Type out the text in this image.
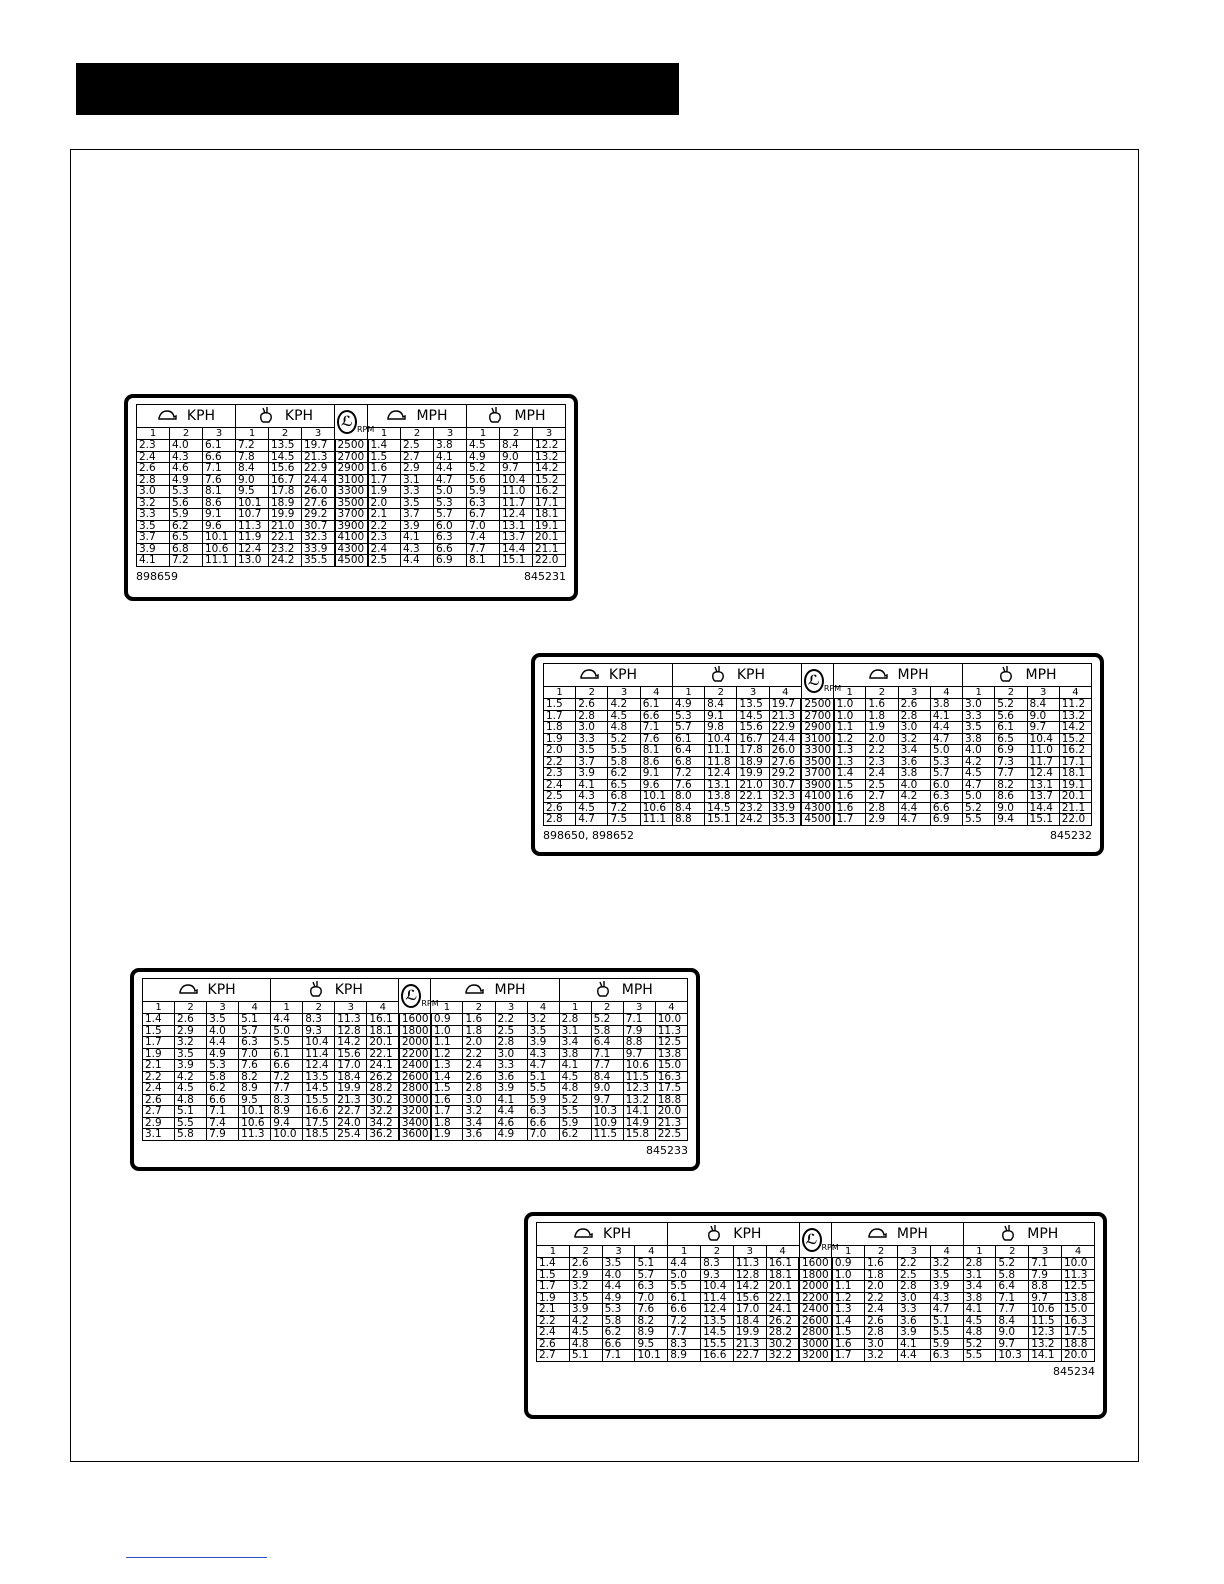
KPH			KPH			ℒ RPM	MPH			MPH		
1	2	3	1	2	3		1	2	3	1	2	3
2.3	4.0	6.1	7.2	13.5	19.7	2500	1.4	2.5	3.8	4.5	8.4	12.2
2.4	4.3	6.6	7.8	14.5	21.3	2700	1.5	2.7	4.1	4.9	9.0	13.2
2.6	4.6	7.1	8.4	15.6	22.9	2900	1.6	2.9	4.4	5.2	9.7	14.2
2.8	4.9	7.6	9.0	16.7	24.4	3100	1.7	3.1	4.7	5.6	10.4	15.2
3.0	5.3	8.1	9.5	17.8	26.0	3300	1.9	3.3	5.0	5.9	11.0	16.2
3.2	5.6	8.6	10.1	18.9	27.6	3500	2.0	3.5	5.3	6.3	11.7	17.1
3.3	5.9	9.1	10.7	19.9	29.2	3700	2.1	3.7	5.7	6.7	12.4	18.1
3.5	6.2	9.6	11.3	21.0	30.7	3900	2.2	3.9	6.0	7.0	13.1	19.1
3.7	6.5	10.1	11.9	22.1	32.3	4100	2.3	4.1	6.3	7.4	13.7	20.1
3.9	6.8	10.6	12.4	23.2	33.9	4300	2.4	4.3	6.6	7.7	14.4	21.1
4.1	7.2	11.1	13.0	24.2	35.5	4500	2.5	4.4	6.9	8.1	15.1	22.0
898659	845231
KPH				KPH				ℒ RPM	MPH				MPH			
1	2	3	4	1	2	3	4		1	2	3	4	1	2	3	4
1.5	2.6	4.2	6.1	4.9	8.4	13.5	19.7	2500	1.0	1.6	2.6	3.8	3.0	5.2	8.4	11.2
1.7	2.8	4.5	6.6	5.3	9.1	14.5	21.3	2700	1.0	1.8	2.8	4.1	3.3	5.6	9.0	13.2
1.8	3.0	4.8	7.1	5.7	9.8	15.6	22.9	2900	1.1	1.9	3.0	4.4	3.5	6.1	9.7	14.2
1.9	3.3	5.2	7.6	6.1	10.4	16.7	24.4	3100	1.2	2.0	3.2	4.7	3.8	6.5	10.4	15.2
2.0	3.5	5.5	8.1	6.4	11.1	17.8	26.0	3300	1.3	2.2	3.4	5.0	4.0	6.9	11.0	16.2
2.2	3.7	5.8	8.6	6.8	11.8	18.9	27.6	3500	1.3	2.3	3.6	5.3	4.2	7.3	11.7	17.1
2.3	3.9	6.2	9.1	7.2	12.4	19.9	29.2	3700	1.4	2.4	3.8	5.7	4.5	7.7	12.4	18.1
2.4	4.1	6.5	9.6	7.6	13.1	21.0	30.7	3900	1.5	2.5	4.0	6.0	4.7	8.2	13.1	19.1
2.5	4.3	6.8	10.1	8.0	13.8	22.1	32.3	4100	1.6	2.7	4.2	6.3	5.0	8.6	13.7	20.1
2.6	4.5	7.2	10.6	8.4	14.5	23.2	33.9	4300	1.6	2.8	4.4	6.6	5.2	9.0	14.4	21.1
2.8	4.7	7.5	11.1	8.8	15.1	24.2	35.3	4500	1.7	2.9	4.7	6.9	5.5	9.4	15.1	22.0
898650, 898652	845232
KPH				KPH				ℒ RPM	MPH				MPH			
1	2	3	4	1	2	3	4		1	2	3	4	1	2	3	4
1.4	2.6	3.5	5.1	4.4	8.3	11.3	16.1	1600	0.9	1.6	2.2	3.2	2.8	5.2	7.1	10.0
1.5	2.9	4.0	5.7	5.0	9.3	12.8	18.1	1800	1.0	1.8	2.5	3.5	3.1	5.8	7.9	11.3
1.7	3.2	4.4	6.3	5.5	10.4	14.2	20.1	2000	1.1	2.0	2.8	3.9	3.4	6.4	8.8	12.5
1.9	3.5	4.9	7.0	6.1	11.4	15.6	22.1	2200	1.2	2.2	3.0	4.3	3.8	7.1	9.7	13.8
2.1	3.9	5.3	7.6	6.6	12.4	17.0	24.1	2400	1.3	2.4	3.3	4.7	4.1	7.7	10.6	15.0
2.2	4.2	5.8	8.2	7.2	13.5	18.4	26.2	2600	1.4	2.6	3.6	5.1	4.5	8.4	11.5	16.3
2.4	4.5	6.2	8.9	7.7	14.5	19.9	28.2	2800	1.5	2.8	3.9	5.5	4.8	9.0	12.3	17.5
2.6	4.8	6.6	9.5	8.3	15.5	21.3	30.2	3000	1.6	3.0	4.1	5.9	5.2	9.7	13.2	18.8
2.7	5.1	7.1	10.1	8.9	16.6	22.7	32.2	3200	1.7	3.2	4.4	6.3	5.5	10.3	14.1	20.0
2.9	5.5	7.4	10.6	9.4	17.5	24.0	34.2	3400	1.8	3.4	4.6	6.6	5.9	10.9	14.9	21.3
3.1	5.8	7.9	11.3	10.0	18.5	25.4	36.2	3600	1.9	3.6	4.9	7.0	6.2	11.5	15.8	22.5
845233
KPH				KPH				ℒ RPM	MPH				MPH			
1	2	3	4	1	2	3	4		1	2	3	4	1	2	3	4
1.4	2.6	3.5	5.1	4.4	8.3	11.3	16.1	1600	0.9	1.6	2.2	3.2	2.8	5.2	7.1	10.0
1.5	2.9	4.0	5.7	5.0	9.3	12.8	18.1	1800	1.0	1.8	2.5	3.5	3.1	5.8	7.9	11.3
1.7	3.2	4.4	6.3	5.5	10.4	14.2	20.1	2000	1.1	2.0	2.8	3.9	3.4	6.4	8.8	12.5
1.9	3.5	4.9	7.0	6.1	11.4	15.6	22.1	2200	1.2	2.2	3.0	4.3	3.8	7.1	9.7	13.8
2.1	3.9	5.3	7.6	6.6	12.4	17.0	24.1	2400	1.3	2.4	3.3	4.7	4.1	7.7	10.6	15.0
2.2	4.2	5.8	8.2	7.2	13.5	18.4	26.2	2600	1.4	2.6	3.6	5.1	4.5	8.4	11.5	16.3
2.4	4.5	6.2	8.9	7.7	14.5	19.9	28.2	2800	1.5	2.8	3.9	5.5	4.8	9.0	12.3	17.5
2.6	4.8	6.6	9.5	8.3	15.5	21.3	30.2	3000	1.6	3.0	4.1	5.9	5.2	9.7	13.2	18.8
2.7	5.1	7.1	10.1	8.9	16.6	22.7	32.2	3200	1.7	3.2	4.4	6.3	5.5	10.3	14.1	20.0
845234
